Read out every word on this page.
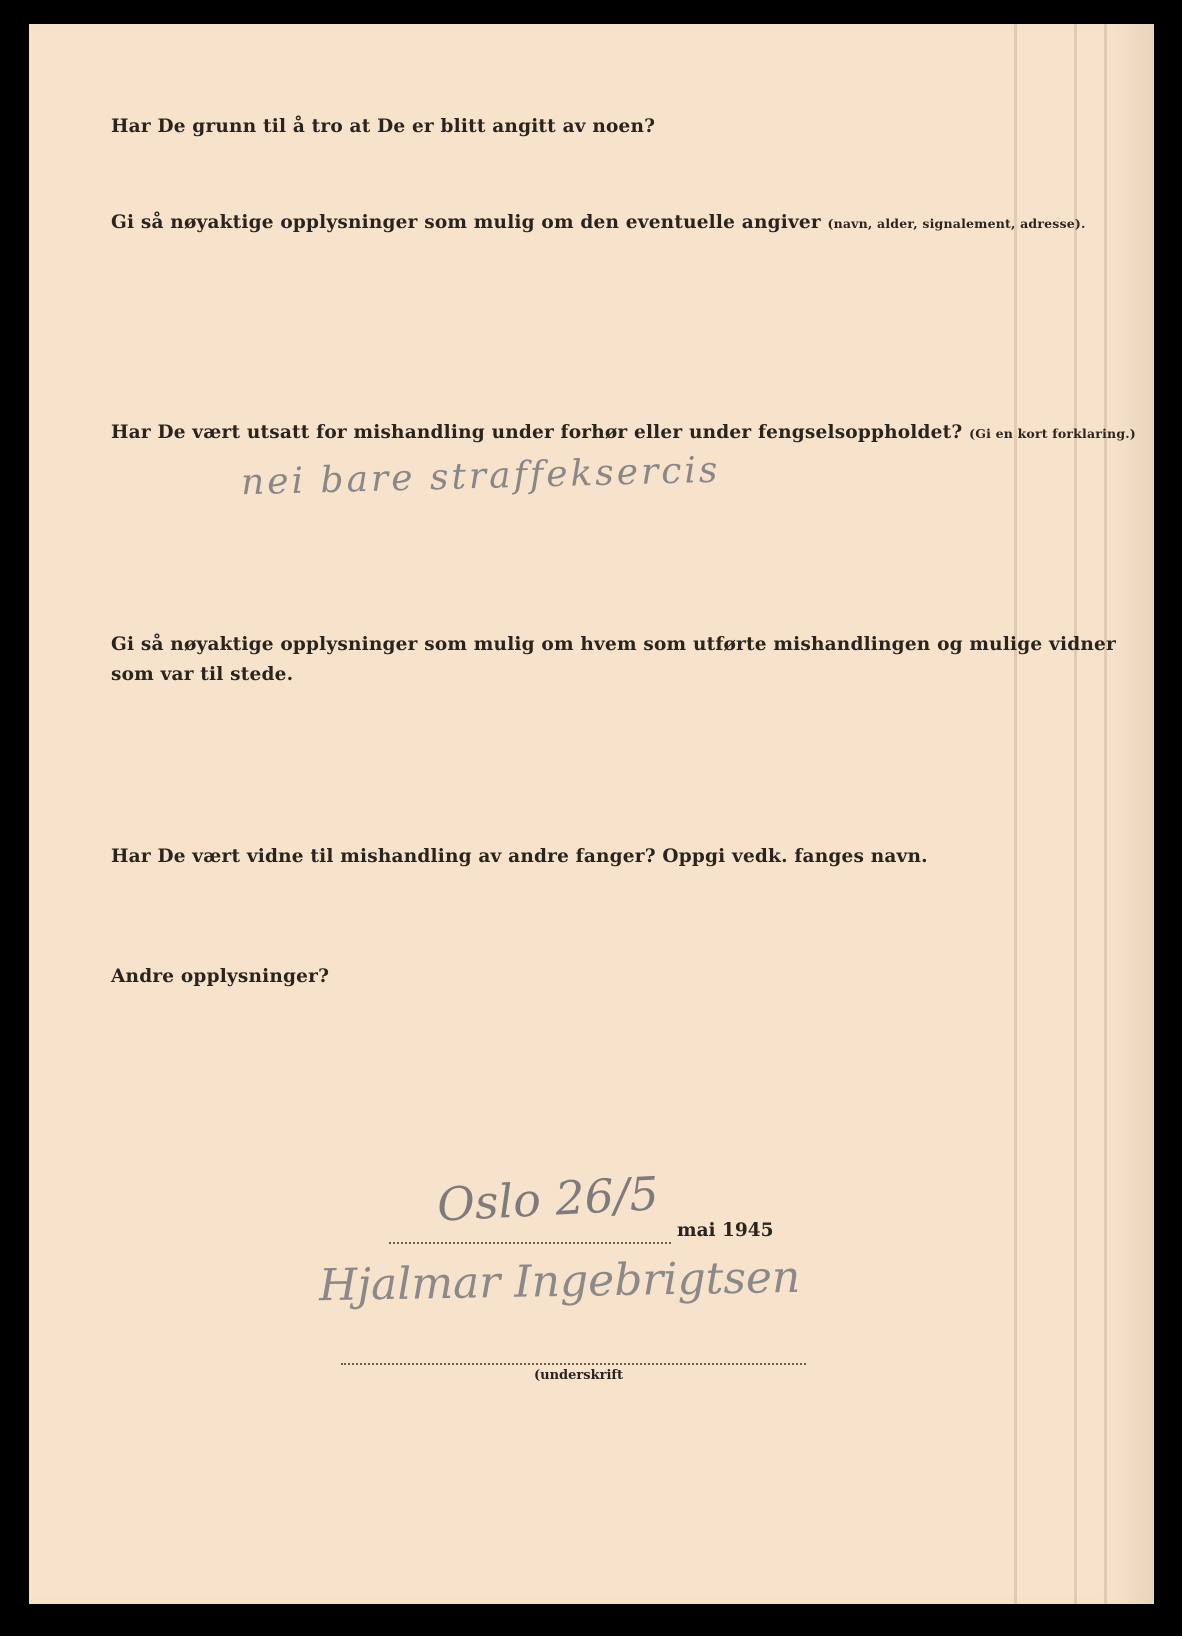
Har De grunn til å tro at De er blitt angitt av noen?
Gi så nøyaktige opplysninger som mulig om den eventuelle angiver (navn, alder, signalement, adresse).
Har De vært utsatt for mishandling under forhør eller under fengselsoppholdet? (Gi en kort forklaring.)
nei bare straffeksercis
Gi så nøyaktige opplysninger som mulig om hvem som utførte mishandlingen og mulige vidner
som var til stede.
Har De vært vidne til mishandling av andre fanger? Oppgi vedk. fanges navn.
Andre opplysninger?
Oslo 26/5 mai 1945
Hjalmar Ingebrigtsen
(underskrift
